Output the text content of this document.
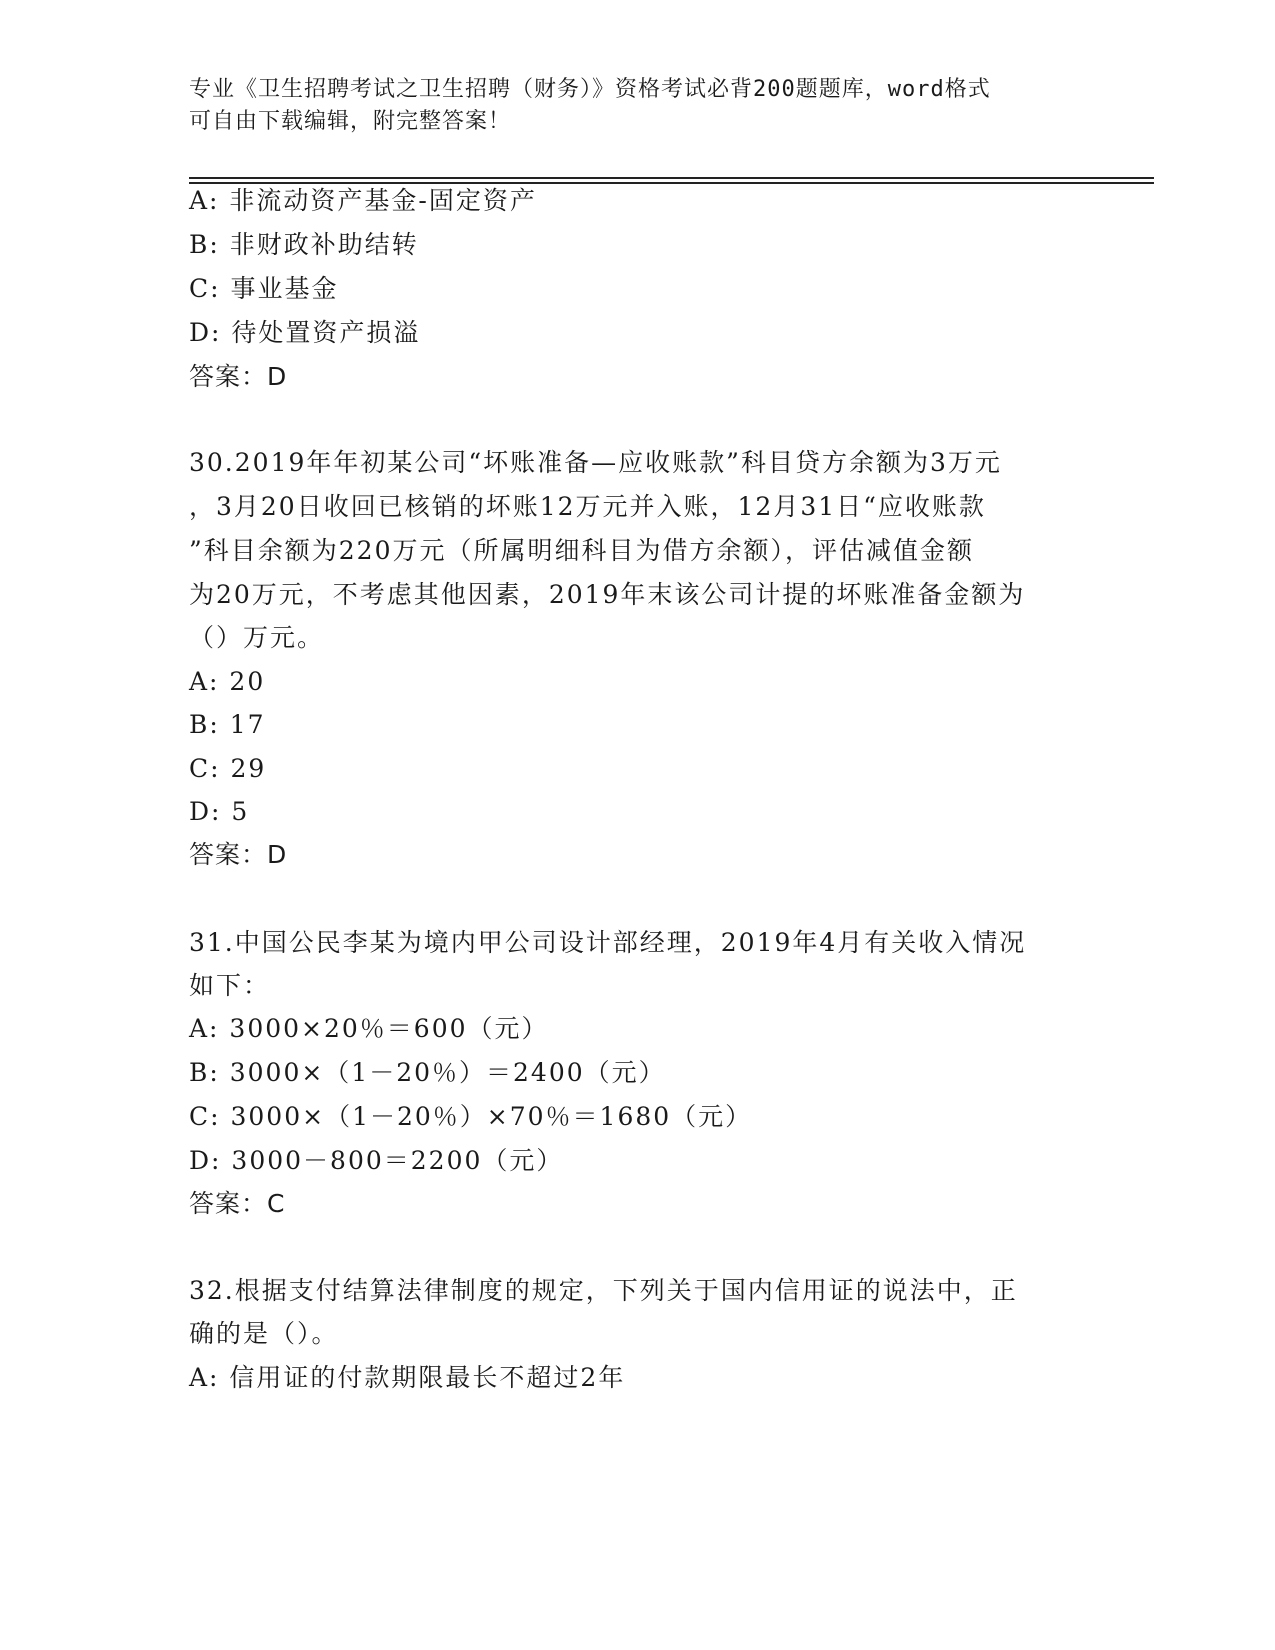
专业《卫生招聘考试之卫生招聘（财务）》资格考试必背200题题库，word格式
可自由下载编辑，附完整答案！
A: 非流动资产基金-固定资产
B: 非财政补助结转
C: 事业基金
D: 待处置资产损溢
答案：D
30.2019年年初某公司“坏账准备—应收账款”科目贷方余额为3万元
，3月20日收回已核销的坏账12万元并入账，12月31日“应收账款
”科目余额为220万元（所属明细科目为借方余额），评估减值金额
为20万元，不考虑其他因素，2019年末该公司计提的坏账准备金额为
（）万元。
A: 20
B: 17
C: 29
D: 5
答案：D
31.中国公民李某为境内甲公司设计部经理，2019年4月有关收入情况
如下：
A: 3000×20％＝600（元）
B: 3000×（1－20％）＝2400（元）
C: 3000×（1－20％）×70％＝1680（元）
D: 3000－800＝2200（元）
答案：C
32.根据支付结算法律制度的规定，下列关于国内信用证的说法中，正
确的是（）。
A: 信用证的付款期限最长不超过2年
